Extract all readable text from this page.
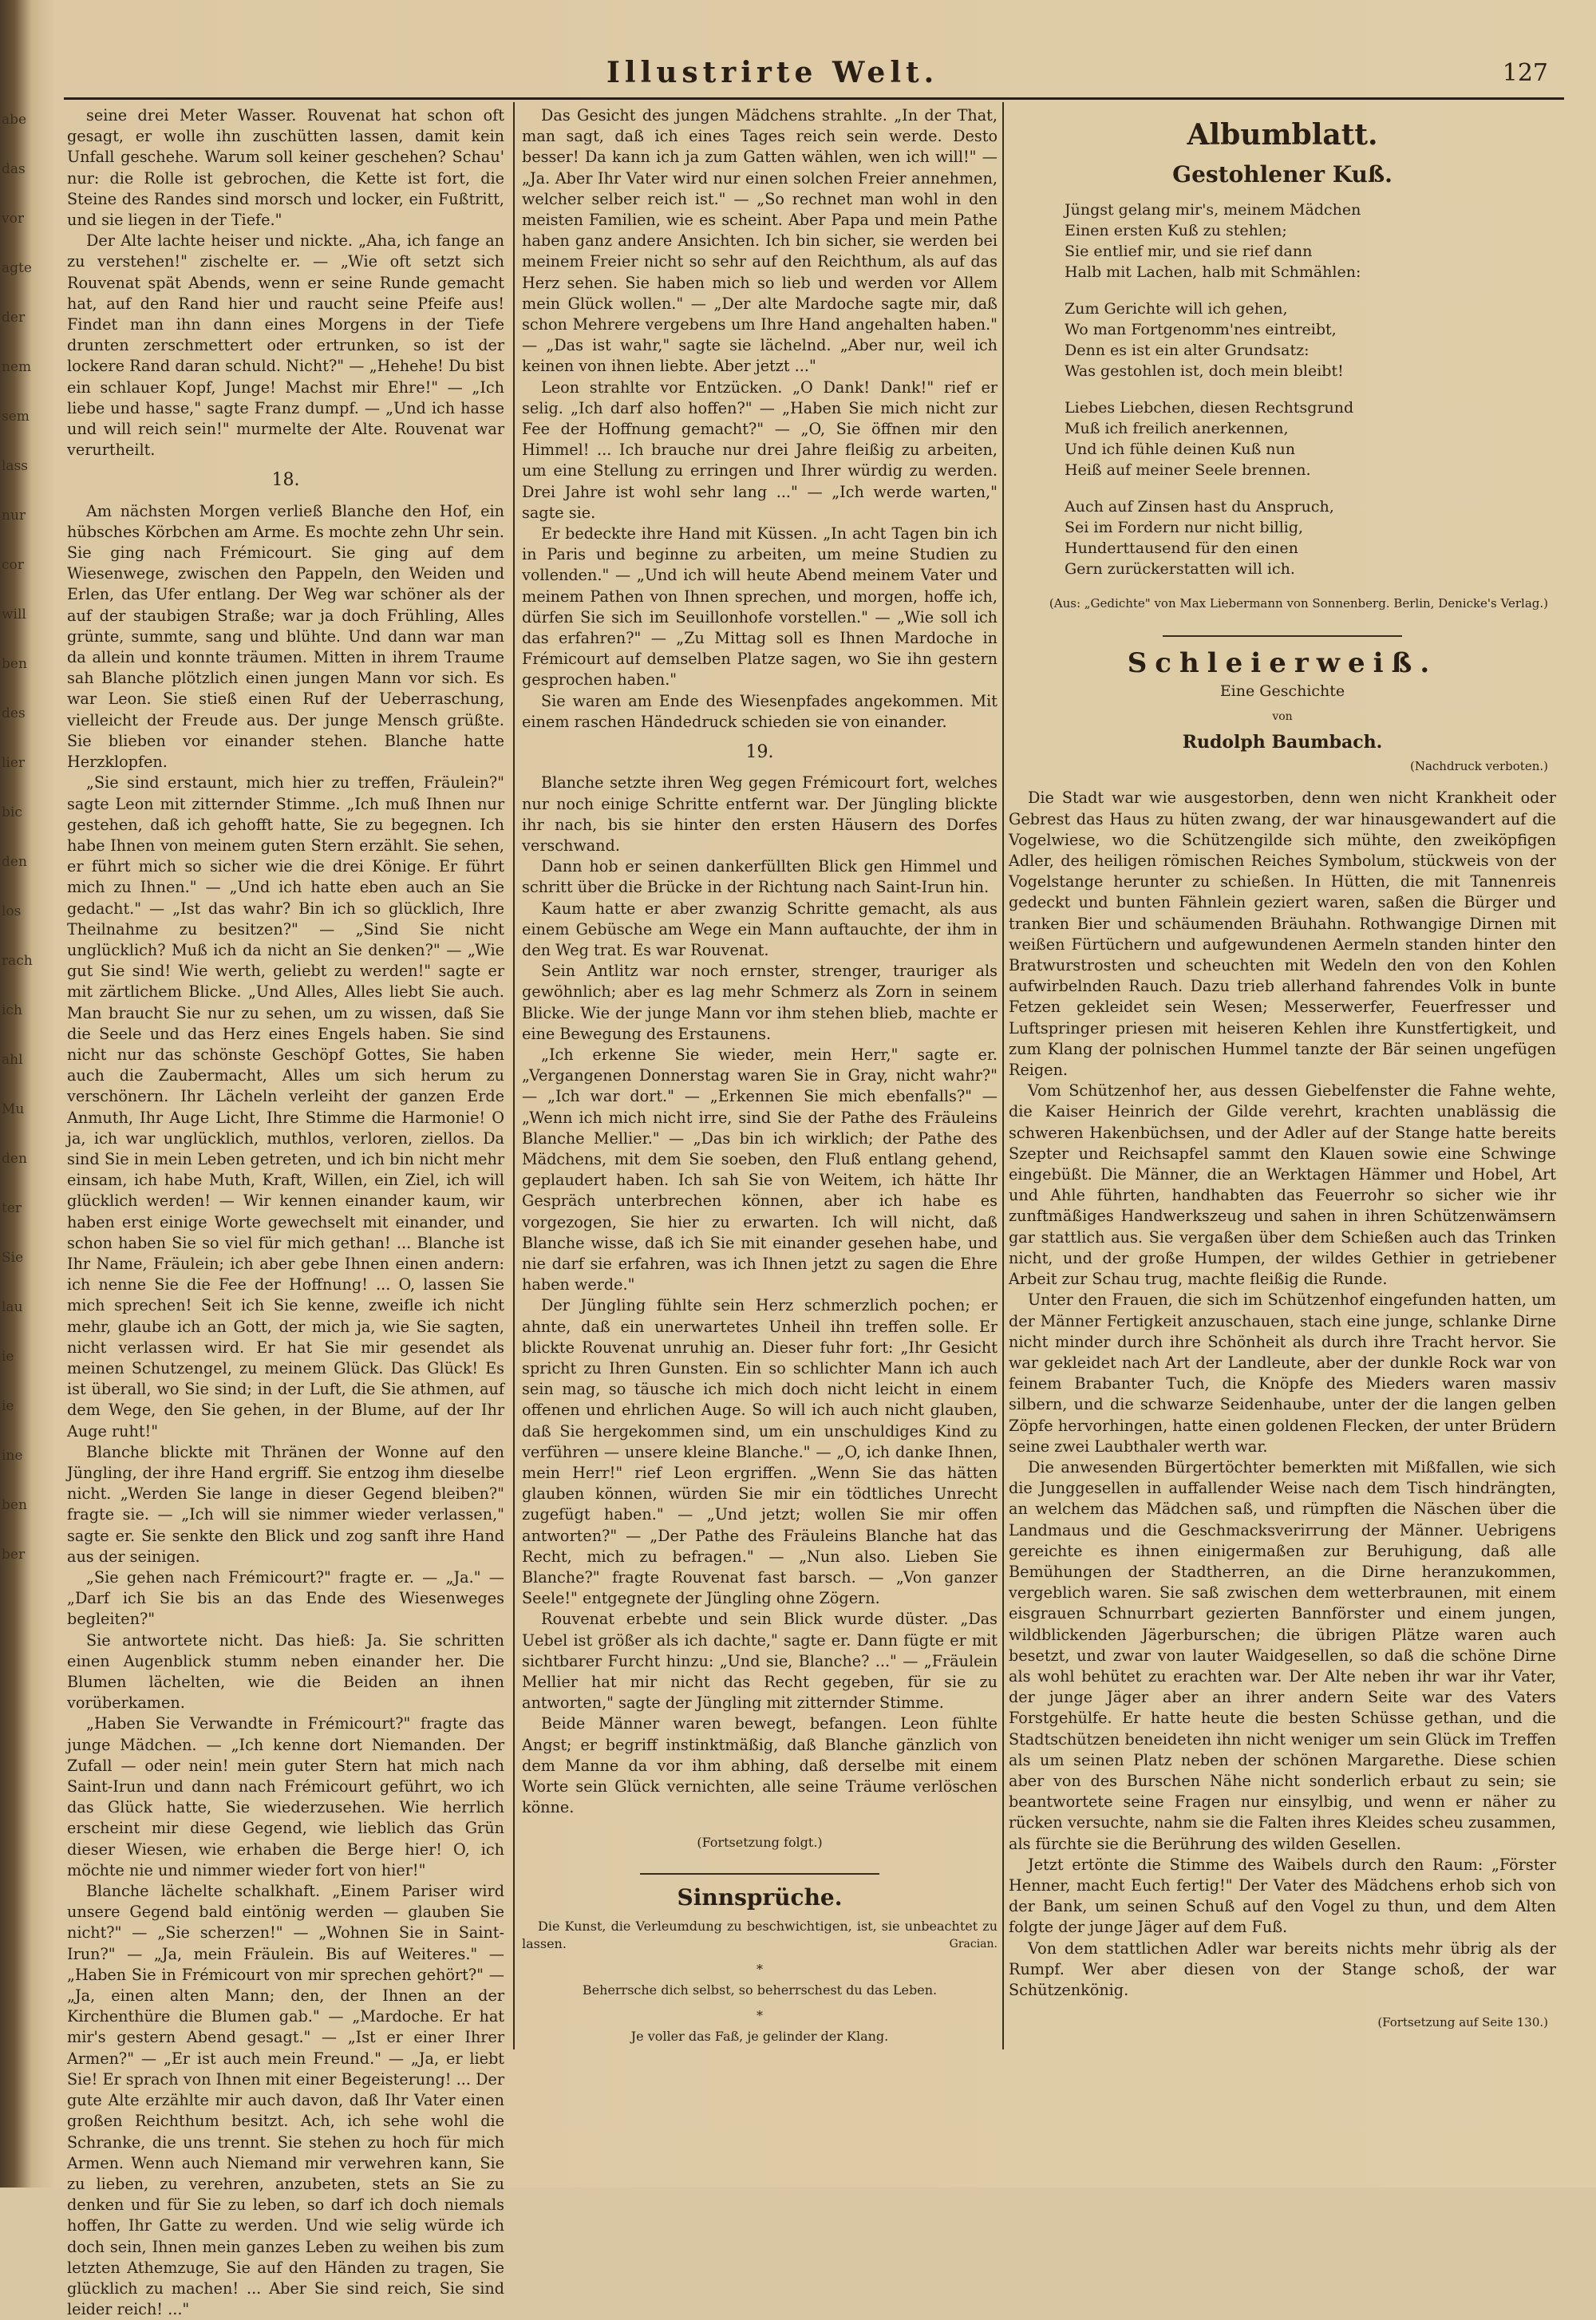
abe
das
vor
agte
der
nem
sem
lass
nur
cor
will
ben
des
lier
bic
den
los
rach
ich
ahl
Mu
den
ter
Sie
lau
ie
ie
ine
ben
ber
Illustrirte Welt.	127

seine drei Meter Wasser. Rouvenat hat schon oft gesagt, er wolle ihn zuschütten lassen, damit kein Unfall geschehe. Warum soll keiner geschehen? Schau' nur: die Rolle ist gebrochen, die Kette ist fort, die Steine des Randes sind morsch und locker, ein Fußtritt, und sie liegen in der Tiefe."

Der Alte lachte heiser und nickte. „Aha, ich fange an zu verstehen!" zischelte er. — „Wie oft setzt sich Rouvenat spät Abends, wenn er seine Runde gemacht hat, auf den Rand hier und raucht seine Pfeife aus! Findet man ihn dann eines Morgens in der Tiefe drunten zerschmettert oder ertrunken, so ist der lockere Rand daran schuld. Nicht?" — „Hehehe! Du bist ein schlauer Kopf, Junge! Machst mir Ehre!" — „Ich liebe und hasse," sagte Franz dumpf. — „Und ich hasse und will reich sein!" murmelte der Alte. Rouvenat war verurtheilt.

18.

Am nächsten Morgen verließ Blanche den Hof, ein hübsches Körbchen am Arme. Es mochte zehn Uhr sein. Sie ging nach Frémicourt. Sie ging auf dem Wiesenwege, zwischen den Pappeln, den Weiden und Erlen, das Ufer entlang. Der Weg war schöner als der auf der staubigen Straße; war ja doch Frühling, Alles grünte, summte, sang und blühte. Und dann war man da allein und konnte träumen. Mitten in ihrem Traume sah Blanche plötzlich einen jungen Mann vor sich. Es war Leon. Sie stieß einen Ruf der Ueberraschung, vielleicht der Freude aus. Der junge Mensch grüßte. Sie blieben vor einander stehen. Blanche hatte Herzklopfen.

„Sie sind erstaunt, mich hier zu treffen, Fräulein?" sagte Leon mit zitternder Stimme. „Ich muß Ihnen nur gestehen, daß ich gehofft hatte, Sie zu begegnen. Ich habe Ihnen von meinem guten Stern erzählt. Sie sehen, er führt mich so sicher wie die drei Könige. Er führt mich zu Ihnen." — „Und ich hatte eben auch an Sie gedacht." — „Ist das wahr? Bin ich so glücklich, Ihre Theilnahme zu besitzen?" — „Sind Sie nicht unglücklich? Muß ich da nicht an Sie denken?" — „Wie gut Sie sind! Wie werth, geliebt zu werden!" sagte er mit zärtlichem Blicke. „Und Alles, Alles liebt Sie auch. Man braucht Sie nur zu sehen, um zu wissen, daß Sie die Seele und das Herz eines Engels haben. Sie sind nicht nur das schönste Geschöpf Gottes, Sie haben auch die Zaubermacht, Alles um sich herum zu verschönern. Ihr Lächeln verleiht der ganzen Erde Anmuth, Ihr Auge Licht, Ihre Stimme die Harmonie! O ja, ich war unglücklich, muthlos, verloren, ziellos. Da sind Sie in mein Leben getreten, und ich bin nicht mehr einsam, ich habe Muth, Kraft, Willen, ein Ziel, ich will glücklich werden! — Wir kennen einander kaum, wir haben erst einige Worte gewechselt mit einander, und schon haben Sie so viel für mich gethan! ... Blanche ist Ihr Name, Fräulein; ich aber gebe Ihnen einen andern: ich nenne Sie die Fee der Hoffnung! ... O, lassen Sie mich sprechen! Seit ich Sie kenne, zweifle ich nicht mehr, glaube ich an Gott, der mich ja, wie Sie sagten, nicht verlassen wird. Er hat Sie mir gesendet als meinen Schutzengel, zu meinem Glück. Das Glück! Es ist überall, wo Sie sind; in der Luft, die Sie athmen, auf dem Wege, den Sie gehen, in der Blume, auf der Ihr Auge ruht!"

Blanche blickte mit Thränen der Wonne auf den Jüngling, der ihre Hand ergriff. Sie entzog ihm dieselbe nicht. „Werden Sie lange in dieser Gegend bleiben?" fragte sie. — „Ich will sie nimmer wieder verlassen," sagte er. Sie senkte den Blick und zog sanft ihre Hand aus der seinigen.

„Sie gehen nach Frémicourt?" fragte er. — „Ja." — „Darf ich Sie bis an das Ende des Wiesenweges begleiten?"

Sie antwortete nicht. Das hieß: Ja. Sie schritten einen Augenblick stumm neben einander her. Die Blumen lächelten, wie die Beiden an ihnen vorüberkamen.

„Haben Sie Verwandte in Frémicourt?" fragte das junge Mädchen. — „Ich kenne dort Niemanden. Der Zufall — oder nein! mein guter Stern hat mich nach Saint-Irun und dann nach Frémicourt geführt, wo ich das Glück hatte, Sie wiederzusehen. Wie herrlich erscheint mir diese Gegend, wie lieblich das Grün dieser Wiesen, wie erhaben die Berge hier! O, ich möchte nie und nimmer wieder fort von hier!"

Blanche lächelte schalkhaft. „Einem Pariser wird unsere Gegend bald eintönig werden — glauben Sie nicht?" — „Sie scherzen!" — „Wohnen Sie in Saint-Irun?" — „Ja, mein Fräulein. Bis auf Weiteres." — „Haben Sie in Frémicourt von mir sprechen gehört?" — „Ja, einen alten Mann; den, der Ihnen an der Kirchenthüre die Blumen gab." — „Mardoche. Er hat mir's gestern Abend gesagt." — „Ist er einer Ihrer Armen?" — „Er ist auch mein Freund." — „Ja, er liebt Sie! Er sprach von Ihnen mit einer Begeisterung! ... Der gute Alte erzählte mir auch davon, daß Ihr Vater einen großen Reichthum besitzt. Ach, ich sehe wohl die Schranke, die uns trennt. Sie stehen zu hoch für mich Armen. Wenn auch Niemand mir verwehren kann, Sie zu lieben, zu verehren, anzubeten, stets an Sie zu denken und für Sie zu leben, so darf ich doch niemals hoffen, Ihr Gatte zu werden. Und wie selig würde ich doch sein, Ihnen mein ganzes Leben zu weihen bis zum letzten Athemzuge, Sie auf den Händen zu tragen, Sie glücklich zu machen! ... Aber Sie sind reich, Sie sind leider reich! ..."

Das Gesicht des jungen Mädchens strahlte. „In der That, man sagt, daß ich eines Tages reich sein werde. Desto besser! Da kann ich ja zum Gatten wählen, wen ich will!" — „Ja. Aber Ihr Vater wird nur einen solchen Freier annehmen, welcher selber reich ist." — „So rechnet man wohl in den meisten Familien, wie es scheint. Aber Papa und mein Pathe haben ganz andere Ansichten. Ich bin sicher, sie werden bei meinem Freier nicht so sehr auf den Reichthum, als auf das Herz sehen. Sie haben mich so lieb und werden vor Allem mein Glück wollen." — „Der alte Mardoche sagte mir, daß schon Mehrere vergebens um Ihre Hand angehalten haben." — „Das ist wahr," sagte sie lächelnd. „Aber nur, weil ich keinen von ihnen liebte. Aber jetzt ..."

Leon strahlte vor Entzücken. „O Dank! Dank!" rief er selig. „Ich darf also hoffen?" — „Haben Sie mich nicht zur Fee der Hoffnung gemacht?" — „O, Sie öffnen mir den Himmel! ... Ich brauche nur drei Jahre fleißig zu arbeiten, um eine Stellung zu erringen und Ihrer würdig zu werden. Drei Jahre ist wohl sehr lang ..." — „Ich werde warten," sagte sie.

Er bedeckte ihre Hand mit Küssen. „In acht Tagen bin ich in Paris und beginne zu arbeiten, um meine Studien zu vollenden." — „Und ich will heute Abend meinem Vater und meinem Pathen von Ihnen sprechen, und morgen, hoffe ich, dürfen Sie sich im Seuillonhofe vorstellen." — „Wie soll ich das erfahren?" — „Zu Mittag soll es Ihnen Mardoche in Frémicourt auf demselben Platze sagen, wo Sie ihn gestern gesprochen haben."

Sie waren am Ende des Wiesenpfades angekommen. Mit einem raschen Händedruck schieden sie von einander.

19.

Blanche setzte ihren Weg gegen Frémicourt fort, welches nur noch einige Schritte entfernt war. Der Jüngling blickte ihr nach, bis sie hinter den ersten Häusern des Dorfes verschwand.

Dann hob er seinen dankerfüllten Blick gen Himmel und schritt über die Brücke in der Richtung nach Saint-Irun hin.

Kaum hatte er aber zwanzig Schritte gemacht, als aus einem Gebüsche am Wege ein Mann auftauchte, der ihm in den Weg trat. Es war Rouvenat.

Sein Antlitz war noch ernster, strenger, trauriger als gewöhnlich; aber es lag mehr Schmerz als Zorn in seinem Blicke. Wie der junge Mann vor ihm stehen blieb, machte er eine Bewegung des Erstaunens.

„Ich erkenne Sie wieder, mein Herr," sagte er. „Vergangenen Donnerstag waren Sie in Gray, nicht wahr?" — „Ich war dort." — „Erkennen Sie mich ebenfalls?" — „Wenn ich mich nicht irre, sind Sie der Pathe des Fräuleins Blanche Mellier." — „Das bin ich wirklich; der Pathe des Mädchens, mit dem Sie soeben, den Fluß entlang gehend, geplaudert haben. Ich sah Sie von Weitem, ich hätte Ihr Gespräch unterbrechen können, aber ich habe es vorgezogen, Sie hier zu erwarten. Ich will nicht, daß Blanche wisse, daß ich Sie mit einander gesehen habe, und nie darf sie erfahren, was ich Ihnen jetzt zu sagen die Ehre haben werde."

Der Jüngling fühlte sein Herz schmerzlich pochen; er ahnte, daß ein unerwartetes Unheil ihn treffen solle. Er blickte Rouvenat unruhig an. Dieser fuhr fort: „Ihr Gesicht spricht zu Ihren Gunsten. Ein so schlichter Mann ich auch sein mag, so täusche ich mich doch nicht leicht in einem offenen und ehrlichen Auge. So will ich auch nicht glauben, daß Sie hergekommen sind, um ein unschuldiges Kind zu verführen — unsere kleine Blanche." — „O, ich danke Ihnen, mein Herr!" rief Leon ergriffen. „Wenn Sie das hätten glauben können, würden Sie mir ein tödtliches Unrecht zugefügt haben." — „Und jetzt; wollen Sie mir offen antworten?" — „Der Pathe des Fräuleins Blanche hat das Recht, mich zu befragen." — „Nun also. Lieben Sie Blanche?" fragte Rouvenat fast barsch. — „Von ganzer Seele!" entgegnete der Jüngling ohne Zögern.

Rouvenat erbebte und sein Blick wurde düster. „Das Uebel ist größer als ich dachte," sagte er. Dann fügte er mit sichtbarer Furcht hinzu: „Und sie, Blanche? ..." — „Fräulein Mellier hat mir nicht das Recht gegeben, für sie zu antworten," sagte der Jüngling mit zitternder Stimme.

Beide Männer waren bewegt, befangen. Leon fühlte Angst; er begriff instinktmäßig, daß Blanche gänzlich von dem Manne da vor ihm abhing, daß derselbe mit einem Worte sein Glück vernichten, alle seine Träume verlöschen könne.

(Fortsetzung folgt.)
Sinnsprüche.

Die Kunst, die Verleumdung zu beschwichtigen, ist, sie unbeachtet zu lassen.	Gracian.

*

Beherrsche dich selbst, so beherrschest du das Leben.

*

Je voller das Faß, je gelinder der Klang.

Albumblatt.
Gestohlener Kuß.
Jüngst gelang mir's, meinem Mädchen
Einen ersten Kuß zu stehlen;
Sie entlief mir, und sie rief dann
Halb mit Lachen, halb mit Schmählen:
Zum Gerichte will ich gehen,
Wo man Fortgenomm'nes eintreibt,
Denn es ist ein alter Grundsatz:
Was gestohlen ist, doch mein bleibt!
Liebes Liebchen, diesen Rechtsgrund
Muß ich freilich anerkennen,
Und ich fühle deinen Kuß nun
Heiß auf meiner Seele brennen.
Auch auf Zinsen hast du Anspruch,
Sei im Fordern nur nicht billig,
Hunderttausend für den einen
Gern zurückerstatten will ich.
(Aus: „Gedichte" von Max Liebermann von Sonnenberg. Berlin, Denicke's Verlag.)
Schleierweiß.
Eine Geschichte
von
Rudolph Baumbach.
(Nachdruck verboten.)

Die Stadt war wie ausgestorben, denn wen nicht Krankheit oder Gebrest das Haus zu hüten zwang, der war hinausgewandert auf die Vogelwiese, wo die Schützengilde sich mühte, den zweiköpfigen Adler, des heiligen römischen Reiches Symbolum, stückweis von der Vogelstange herunter zu schießen. In Hütten, die mit Tannenreis gedeckt und bunten Fähnlein geziert waren, saßen die Bürger und tranken Bier und schäumenden Bräuhahn. Rothwangige Dirnen mit weißen Fürtüchern und aufgewundenen Aermeln standen hinter den Bratwurstrosten und scheuchten mit Wedeln den von den Kohlen aufwirbelnden Rauch. Dazu trieb allerhand fahrendes Volk in bunte Fetzen gekleidet sein Wesen; Messerwerfer, Feuerfresser und Luftspringer priesen mit heiseren Kehlen ihre Kunstfertigkeit, und zum Klang der polnischen Hummel tanzte der Bär seinen ungefügen Reigen.

Vom Schützenhof her, aus dessen Giebelfenster die Fahne wehte, die Kaiser Heinrich der Gilde verehrt, krachten unablässig die schweren Hakenbüchsen, und der Adler auf der Stange hatte bereits Szepter und Reichsapfel sammt den Klauen sowie eine Schwinge eingebüßt. Die Männer, die an Werktagen Hämmer und Hobel, Art und Ahle führten, handhabten das Feuerrohr so sicher wie ihr zunftmäßiges Handwerkszeug und sahen in ihren Schützenwämsern gar stattlich aus. Sie vergaßen über dem Schießen auch das Trinken nicht, und der große Humpen, der wildes Gethier in getriebener Arbeit zur Schau trug, machte fleißig die Runde.

Unter den Frauen, die sich im Schützenhof eingefunden hatten, um der Männer Fertigkeit anzuschauen, stach eine junge, schlanke Dirne nicht minder durch ihre Schönheit als durch ihre Tracht hervor. Sie war gekleidet nach Art der Landleute, aber der dunkle Rock war von feinem Brabanter Tuch, die Knöpfe des Mieders waren massiv silbern, und die schwarze Seidenhaube, unter der die langen gelben Zöpfe hervorhingen, hatte einen goldenen Flecken, der unter Brüdern seine zwei Laubthaler werth war.

Die anwesenden Bürgertöchter bemerkten mit Mißfallen, wie sich die Junggesellen in auffallender Weise nach dem Tisch hindrängten, an welchem das Mädchen saß, und rümpften die Näschen über die Landmaus und die Geschmacksverirrung der Männer. Uebrigens gereichte es ihnen einigermaßen zur Beruhigung, daß alle Bemühungen der Stadtherren, an die Dirne heranzukommen, vergeblich waren. Sie saß zwischen dem wetterbraunen, mit einem eisgrauen Schnurrbart gezierten Bannförster und einem jungen, wildblickenden Jägerburschen; die übrigen Plätze waren auch besetzt, und zwar von lauter Waidgesellen, so daß die schöne Dirne als wohl behütet zu erachten war. Der Alte neben ihr war ihr Vater, der junge Jäger aber an ihrer andern Seite war des Vaters Forstgehülfe. Er hatte heute die besten Schüsse gethan, und die Stadtschützen beneideten ihn nicht weniger um sein Glück im Treffen als um seinen Platz neben der schönen Margarethe. Diese schien aber von des Burschen Nähe nicht sonderlich erbaut zu sein; sie beantwortete seine Fragen nur einsylbig, und wenn er näher zu rücken versuchte, nahm sie die Falten ihres Kleides scheu zusammen, als fürchte sie die Berührung des wilden Gesellen.

Jetzt ertönte die Stimme des Waibels durch den Raum: „Förster Henner, macht Euch fertig!" Der Vater des Mädchens erhob sich von der Bank, um seinen Schuß auf den Vogel zu thun, und dem Alten folgte der junge Jäger auf dem Fuß.

Von dem stattlichen Adler war bereits nichts mehr übrig als der Rumpf. Wer aber diesen von der Stange schoß, der war Schützenkönig.

(Fortsetzung auf Seite 130.)
